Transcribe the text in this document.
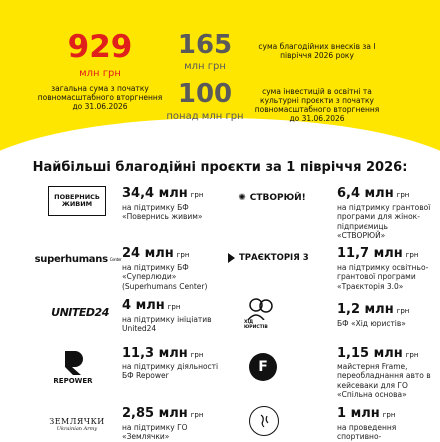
929
млн грн
загальна сума з початку повномасштабного вторгнення до 31.06.2026
165
млн грн
сума благодійних внесків за І півріччя 2026 року
100
понад млн грн
сума інвестицій в освітні та культурні проєкти з початку повномасштабного вторгнення до 31.06.2026
Найбільші благодійні проєкти за 1 півріччя 2026:
ПОВЕРНИСЬ ЖИВИМ
34,4 млн грн
на підтримку БФ «Повернись живим»
✺ СТВОРЮЙ! 6,4 млн грн
на підтримку грантової програми для жінок-підприємиць «СТВОРЮЙ»
superhumans Center 24 млн грн
на підтримку БФ «Суперлюди» (Superhumans Center)
ТРАЄКТОРІЯ 3 11,7 млн грн
на підтримку освітньо-грантової програми «Траєкторія 3.0»
UNITED24 4 млн грн
на підтримку ініціатив United24
ХІД ЮРИСТІВ
1,2 млн грн
БФ «Хід юристів»
REPOWER
11,3 млн грн
на підтримку діяльності БФ Repower
F
1,15 млн грн
майстерня Frame, переобладнання авто в кейсеваки для ГО «Спільна основа»
ЗЕМЛЯЧКИ
Ukrainian Army
2,85 млн грн
на підтримку ГО «Землячки»
1 млн грн
на проведення спортивно-
